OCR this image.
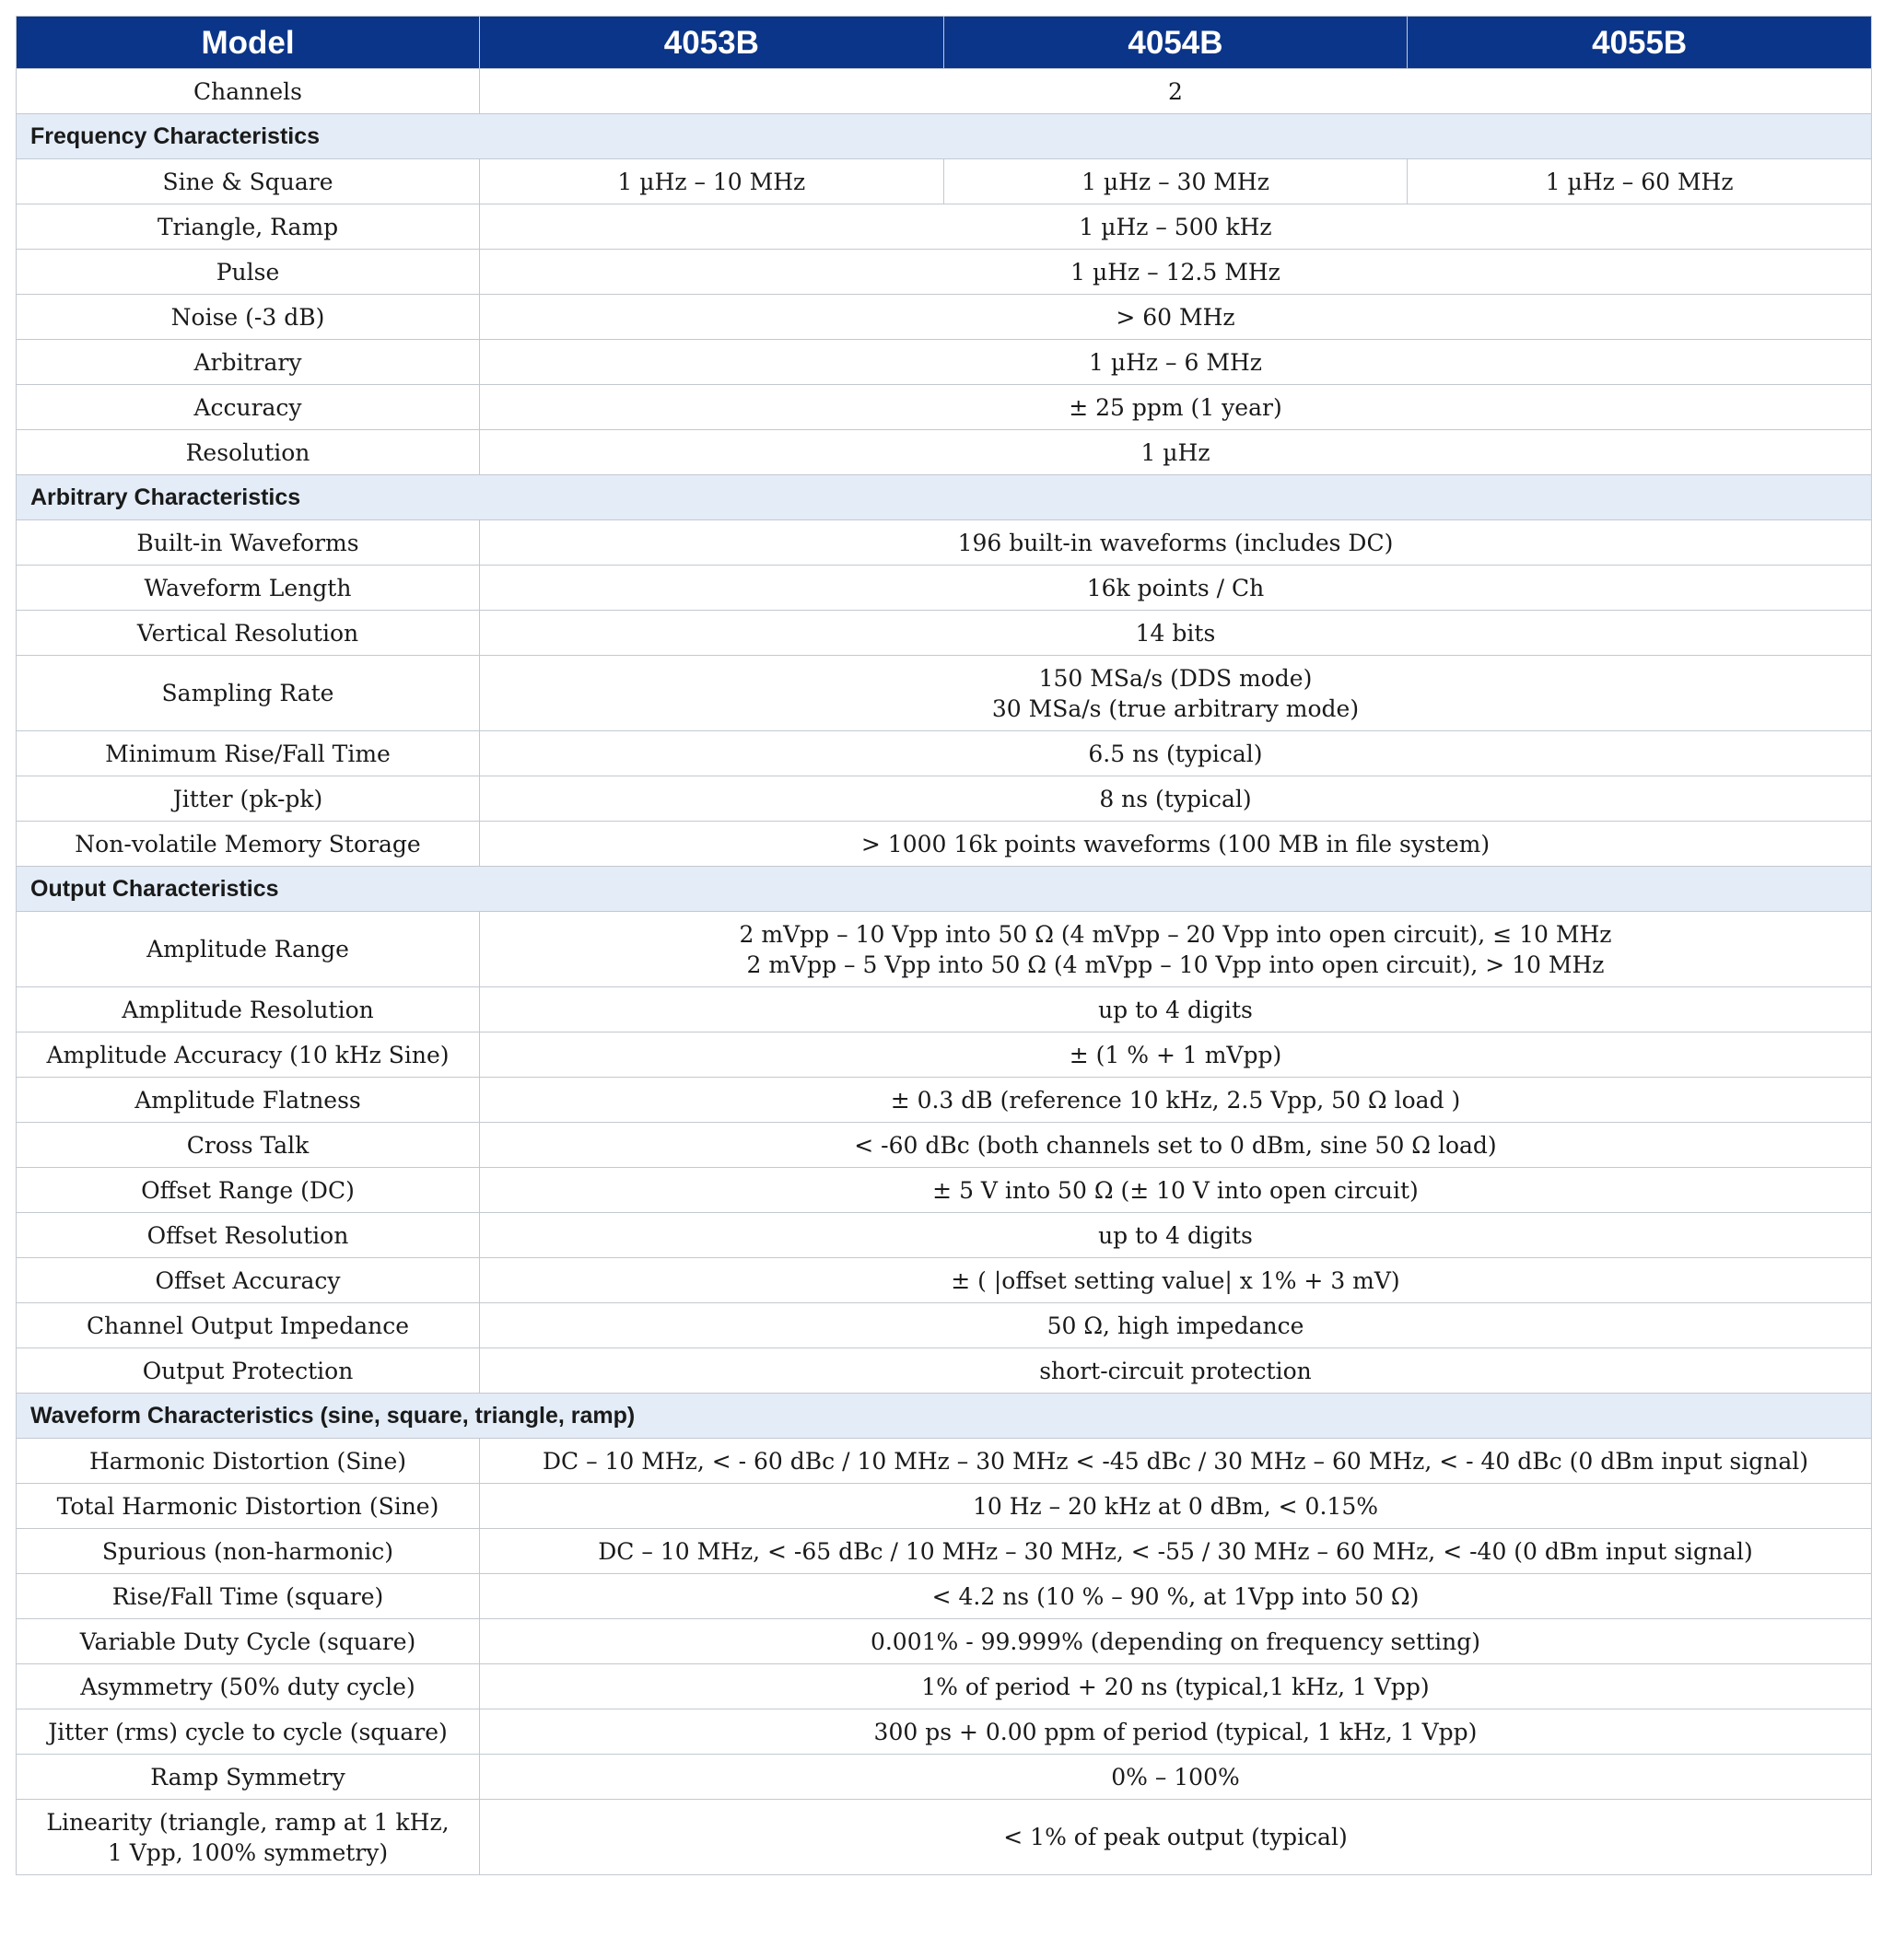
Model	4053B	4054B	4055B
Channels	2		
Frequency Characteristics			
Sine & Square	1 µHz – 10 MHz	1 µHz – 30 MHz	1 µHz – 60 MHz
Triangle, Ramp	1 µHz – 500 kHz		
Pulse	1 µHz – 12.5 MHz		
Noise (-3 dB)	> 60 MHz		
Arbitrary	1 µHz – 6 MHz		
Accuracy	± 25 ppm (1 year)		
Resolution	1 µHz		
Arbitrary Characteristics			
Built-in Waveforms	196 built-in waveforms (includes DC)		
Waveform Length	16k points / Ch		
Vertical Resolution	14 bits		
Sampling Rate	150 MSa/s (DDS mode)
30 MSa/s (true arbitrary mode)		
Minimum Rise/Fall Time	6.5 ns (typical)		
Jitter (pk-pk)	8 ns (typical)		
Non-volatile Memory Storage	> 1000 16k points waveforms (100 MB in file system)		
Output Characteristics			
Amplitude Range	2 mVpp – 10 Vpp into 50 Ω (4 mVpp – 20 Vpp into open circuit), ≤ 10 MHz
2 mVpp – 5 Vpp into 50 Ω (4 mVpp – 10 Vpp into open circuit), > 10 MHz		
Amplitude Resolution	up to 4 digits		
Amplitude Accuracy (10 kHz Sine)	± (1 % + 1 mVpp)		
Amplitude Flatness	± 0.3 dB (reference 10 kHz, 2.5 Vpp, 50 Ω load )		
Cross Talk	< -60 dBc (both channels set to 0 dBm, sine 50 Ω load)		
Offset Range (DC)	± 5 V into 50 Ω (± 10 V into open circuit)		
Offset Resolution	up to 4 digits		
Offset Accuracy	± ( |offset setting value| x 1% + 3 mV)		
Channel Output Impedance	50 Ω, high impedance		
Output Protection	short-circuit protection		
Waveform Characteristics (sine, square, triangle, ramp)			
Harmonic Distortion (Sine)	DC – 10 MHz, < - 60 dBc / 10 MHz – 30 MHz < -45 dBc / 30 MHz – 60 MHz, < - 40 dBc (0 dBm input signal)		
Total Harmonic Distortion (Sine)	10 Hz – 20 kHz at 0 dBm, < 0.15%		
Spurious (non-harmonic)	DC – 10 MHz, < -65 dBc / 10 MHz – 30 MHz, < -55 / 30 MHz – 60 MHz, < -40 (0 dBm input signal)		
Rise/Fall Time (square)	< 4.2 ns (10 % – 90 %, at 1Vpp into 50 Ω)		
Variable Duty Cycle (square)	0.001% - 99.999% (depending on frequency setting)		
Asymmetry (50% duty cycle)	1% of period + 20 ns (typical,1 kHz, 1 Vpp)		
Jitter (rms) cycle to cycle (square)	300 ps + 0.00 ppm of period (typical, 1 kHz, 1 Vpp)		
Ramp Symmetry	0% – 100%		
Linearity (triangle, ramp at 1 kHz,
1 Vpp, 100% symmetry)	< 1% of peak output (typical)		
